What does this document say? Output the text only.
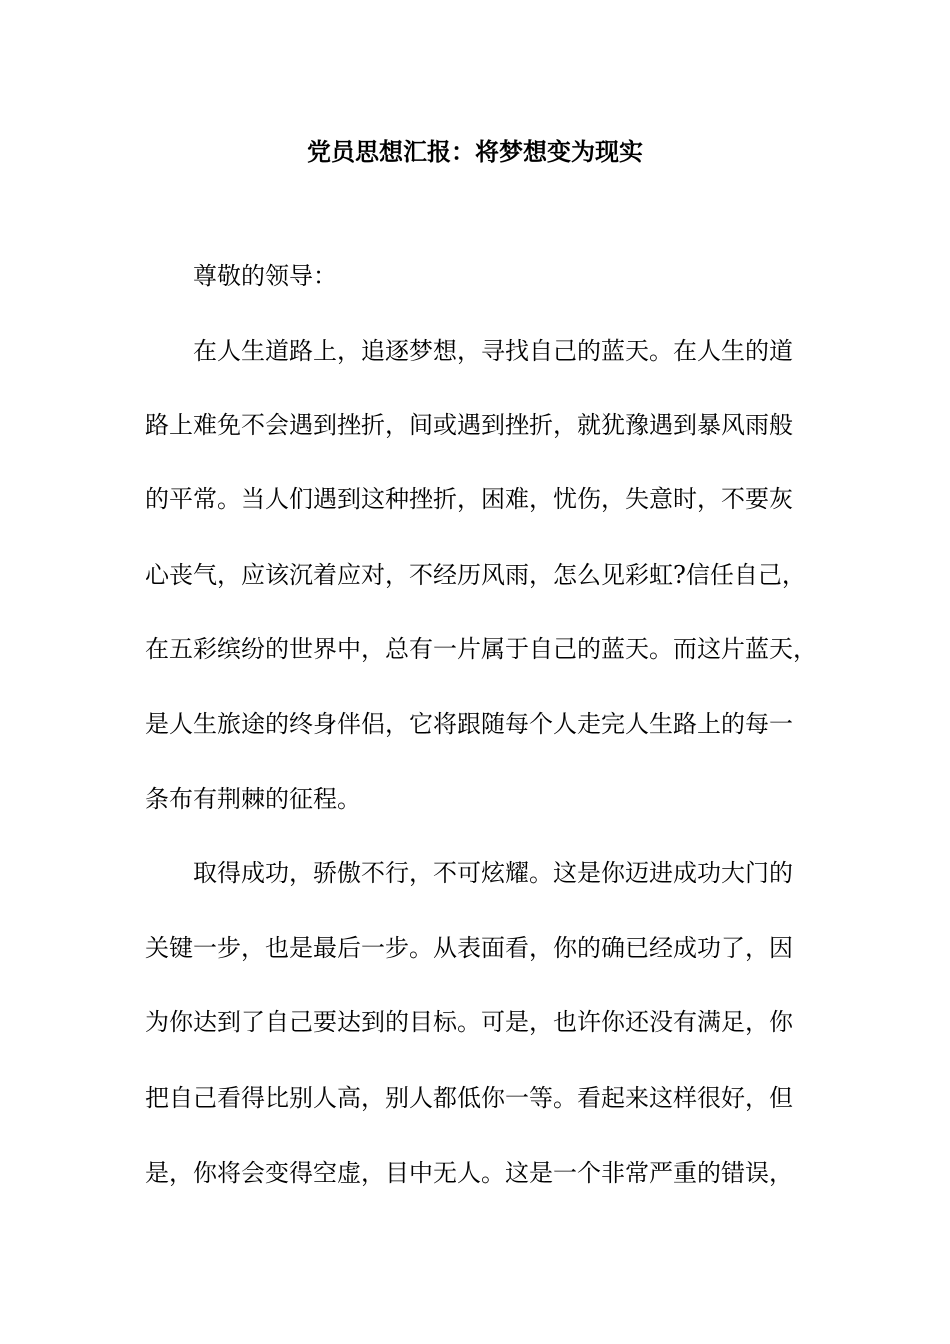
党员思想汇报：将梦想变为现实
尊敬的领导：
在人生道路上，追逐梦想，寻找自己的蓝天。在人生的道
路上难免不会遇到挫折，间或遇到挫折，就犹豫遇到暴风雨般
的平常。当人们遇到这种挫折，困难，忧伤，失意时，不要灰
心丧气，应该沉着应对，不经历风雨，怎么见彩虹?信任自己，
在五彩缤纷的世界中，总有一片属于自己的蓝天。而这片蓝天，
是人生旅途的终身伴侣，它将跟随每个人走完人生路上的每一
条布有荆棘的征程。
取得成功，骄傲不行，不可炫耀。这是你迈进成功大门的
关键一步，也是最后一步。从表面看，你的确已经成功了，因
为你达到了自己要达到的目标。可是，也许你还没有满足，你
把自己看得比别人高，别人都低你一等。看起来这样很好，但
是，你将会变得空虚，目中无人。这是一个非常严重的错误，
